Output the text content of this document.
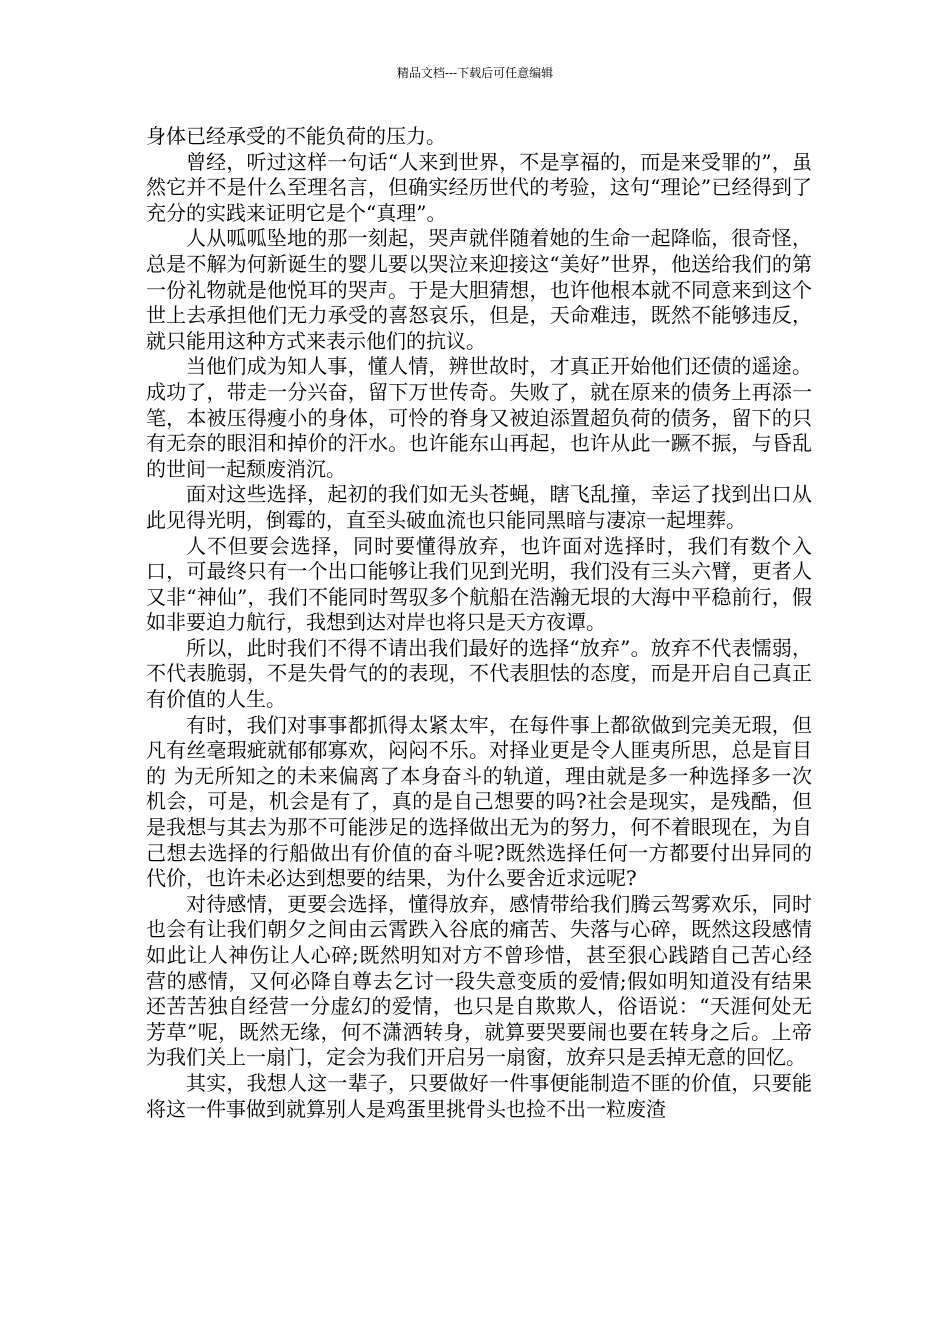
精品文档---下载后可任意编辑

身体已经承受的不能负荷的压力。

曾经，听过这样一句话“人来到世界，不是享福的，而是来受罪的”，虽然它并不是什么至理名言，但确实经历世代的考验，这句“理论”已经得到了充分的实践来证明它是个“真理”。

人从呱呱坠地的那一刻起，哭声就伴随着她的生命一起降临，很奇怪，总是不解为何新诞生的婴儿要以哭泣来迎接这“美好”世界，他送给我们的第一份礼物就是他悦耳的哭声。于是大胆猜想，也许他根本就不同意来到这个世上去承担他们无力承受的喜怒哀乐，但是，天命难违，既然不能够违反，就只能用这种方式来表示他们的抗议。

当他们成为知人事，懂人情，辨世故时，才真正开始他们还债的遥途。成功了，带走一分兴奋，留下万世传奇。失败了，就在原来的债务上再添一笔，本被压得瘦小的身体，可怜的脊身又被迫添置超负荷的债务，留下的只有无奈的眼泪和掉价的汗水。也许能东山再起，也许从此一蹶不振，与昏乱的世间一起颓废消沉。

面对这些选择，起初的我们如无头苍蝇，瞎飞乱撞，幸运了找到出口从此见得光明，倒霉的，直至头破血流也只能同黑暗与凄凉一起埋葬。

人不但要会选择，同时要懂得放弃，也许面对选择时，我们有数个入口，可最终只有一个出口能够让我们见到光明，我们没有三头六臂，更者人又非“神仙”，我们不能同时驾驭多个航船在浩瀚无垠的大海中平稳前行，假如非要迫力航行，我想到达对岸也将只是天方夜谭。

所以，此时我们不得不请出我们最好的选择“放弃”。放弃不代表懦弱，不代表脆弱，不是失骨气的的表现，不代表胆怯的态度，而是开启自己真正有价值的人生。

有时，我们对事事都抓得太紧太牢，在每件事上都欲做到完美无瑕，但凡有丝毫瑕疵就郁郁寡欢，闷闷不乐。对择业更是令人匪夷所思，总是盲目的 为无所知之的未来偏离了本身奋斗的轨道，理由就是多一种选择多一次机会，可是，机会是有了，真的是自己想要的吗?社会是现实，是残酷，但是我想与其去为那不可能涉足的选择做出无为的努力，何不着眼现在，为自己想去选择的行船做出有价值的奋斗呢?既然选择任何一方都要付出异同的代价，也许未必达到想要的结果，为什么要舍近求远呢?

对待感情，更要会选择，懂得放弃，感情带给我们腾云驾雾欢乐，同时也会有让我们朝夕之间由云霄跌入谷底的痛苦、失落与心碎，既然这段感情如此让人神伤让人心碎;既然明知对方不曾珍惜，甚至狠心践踏自己苦心经营的感情，又何必降自尊去乞讨一段失意变质的爱情;假如明知道没有结果还苦苦独自经营一分虚幻的爱情，也只是自欺欺人，俗语说：“天涯何处无芳草”呢，既然无缘，何不潇洒转身，就算要哭要闹也要在转身之后。上帝为我们关上一扇门，定会为我们开启另一扇窗，放弃只是丢掉无意的回忆。

其实，我想人这一辈子，只要做好一件事便能制造不匪的价值，只要能将这一件事做到就算别人是鸡蛋里挑骨头也捡不出一粒废渣
